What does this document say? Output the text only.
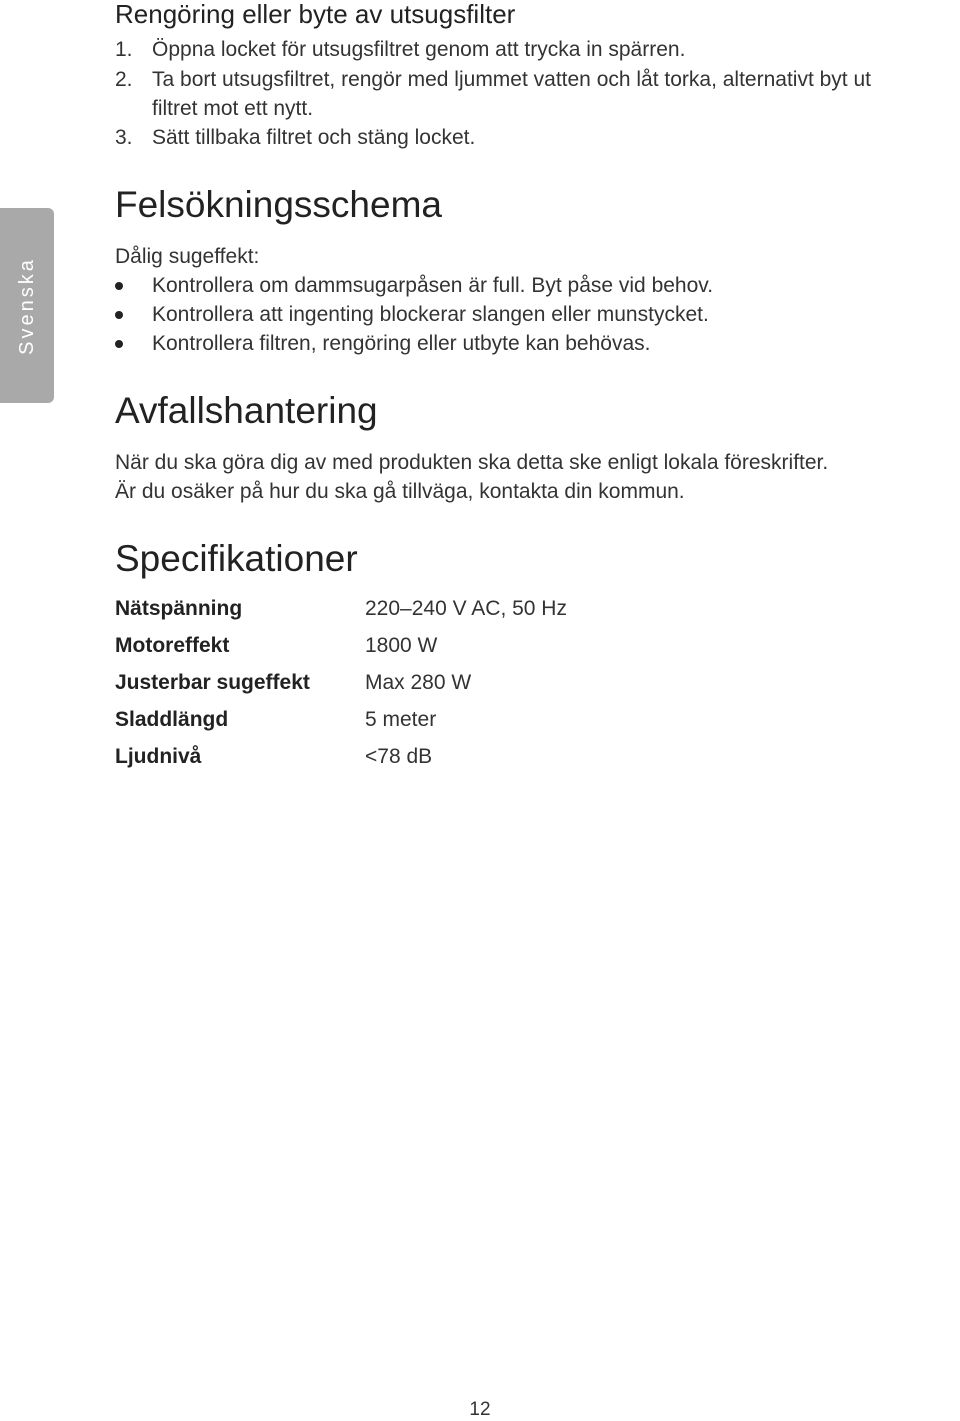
Svenska
Rengöring eller byte av utsugsfilter
1. Öppna locket för utsugsfiltret genom att trycka in spärren.
2. Ta bort utsugsfiltret, rengör med ljummet vatten och låt torka, alternativt byt ut
filtret mot ett nytt.
3. Sätt tillbaka filtret och stäng locket.
Felsökningsschema
Dålig sugeffekt:
Kontrollera om dammsugarpåsen är full. Byt påse vid behov.
Kontrollera att ingenting blockerar slangen eller munstycket.
Kontrollera filtren, rengöring eller utbyte kan behövas.
Avfallshantering
När du ska göra dig av med produkten ska detta ske enligt lokala föreskrifter.
Är du osäker på hur du ska gå tillväga, kontakta din kommun.
Specifikationer
Nätspänning	220–240 V AC, 50 Hz
Motoreffekt	1800 W
Justerbar sugeffekt	Max 280 W
Sladdlängd	5 meter
Ljudnivå	<78 dB
12
